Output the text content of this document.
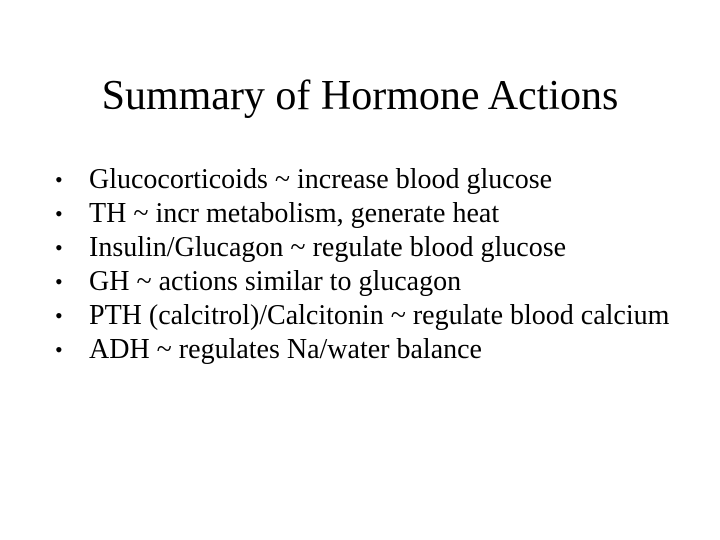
Summary of Hormone Actions
• Glucocorticoids ~ increase blood glucose
• TH ~ incr metabolism, generate heat
• Insulin/Glucagon ~ regulate blood glucose
• GH ~ actions similar to glucagon
• PTH (calcitrol)/Calcitonin ~ regulate blood calcium
• ADH ~ regulates Na/water balance
